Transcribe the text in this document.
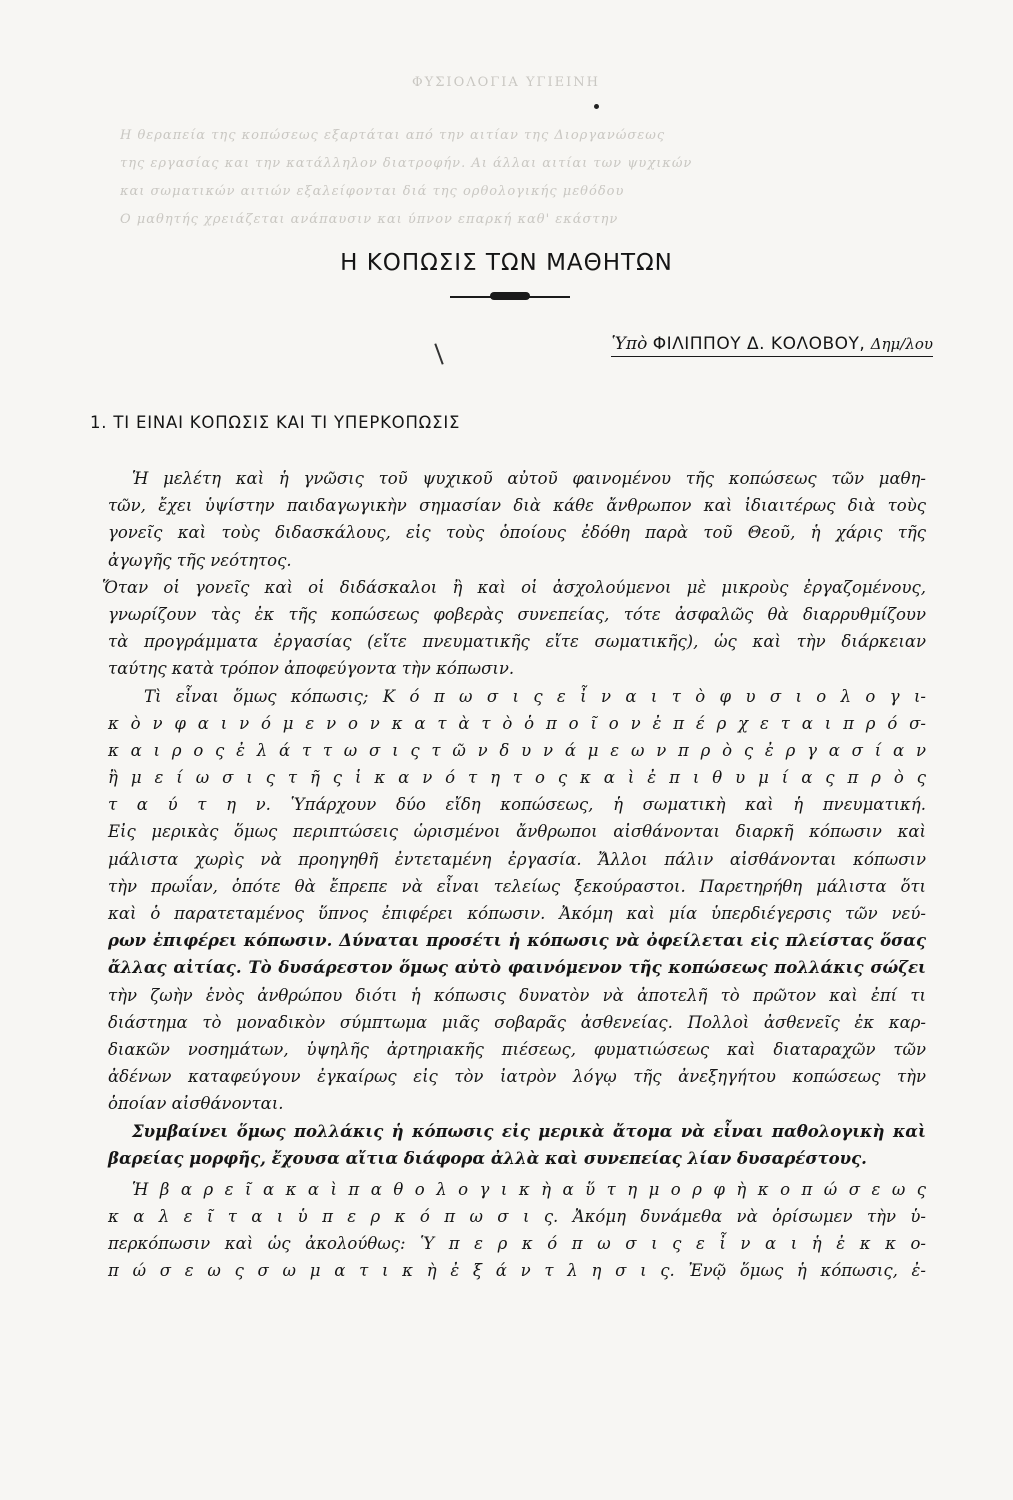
ΦΥΣΙΟΛΟΓΙΑ ΥΓΙΕΙΝΗ
Η θεραπεία της κοπώσεως εξαρτάται από την αιτίαν της Διοργανώσεως
της εργασίας και την κατάλληλον διατροφήν. Αι άλλαι αιτίαι των ψυχικών
και σωματικών αιτιών εξαλείφονται διά της ορθολογικής μεθόδου
Ο μαθητής χρειάζεται ανάπαυσιν και ύπνον επαρκή καθ' εκάστην
Η ΚΟΠΩΣΙΣ ΤΩΝ ΜΑΘΗΤΩΝ
Ὑπὸ ΦΙΛΙΠΠΟΥ Δ. ΚΟΛΟΒΟΥ, Δημ/λου
1. ΤΙ ΕΙΝΑΙ ΚΟΠΩΣΙΣ ΚΑΙ ΤΙ ΥΠΕΡΚΟΠΩΣΙΣ
Ἡ μελέτη καὶ ἡ γνῶσις τοῦ ψυχικοῦ αὐτοῦ φαινομένου τῆς κοπώσεως τῶν μαθη-
τῶν, ἔχει ὑψίστην παιδαγωγικὴν σημασίαν διὰ κάθε ἄνθρωπον καὶ ἰδιαιτέρως διὰ τοὺς
γονεῖς καὶ τοὺς διδασκάλους, εἰς τοὺς ὁποίους ἐδόθη παρὰ τοῦ Θεοῦ, ἡ χάρις τῆς
ἀγωγῆς τῆς νεότητος.
Ὅταν οἱ γονεῖς καὶ οἱ διδάσκαλοι ἢ καὶ οἱ ἀσχολούμενοι μὲ μικροὺς ἐργαζομένους,
γνωρίζουν τὰς ἐκ τῆς κοπώσεως φοβερὰς συνεπείας, τότε ἀσφαλῶς θὰ διαρρυθμίζουν
τὰ προγράμματα ἐργασίας (εἴτε πνευματικῆς εἴτε σωματικῆς), ὡς καὶ τὴν διάρκειαν
ταύτης κατὰ τρόπον ἀποφεύγοντα τὴν κόπωσιν.
Τὶ εἶναι ὅμως κόπωσις; Κ ό π ω σ ι ς ε ἶ ν α ι τ ὸ φ υ σ ι ο λ ο γ ι-
κ ὸ ν φ α ι ν ό μ ε ν ο ν κ α τ ὰ τ ὸ ὁ π ο ῖ ο ν ἐ π έ ρ χ ε τ α ι π ρ ό σ-
κ α ι ρ ο ς ἐ λ ά τ τ ω σ ι ς τ ῶ ν δ υ ν ά μ ε ω ν π ρ ὸ ς ἐ ρ γ α σ ί α ν
ἢ μ ε ί ω σ ι ς τ ῆ ς ἱ κ α ν ό τ η τ ο ς κ α ὶ ἐ π ι θ υ μ ί α ς π ρ ὸ ς
τ α ύ τ η ν. Ὑπάρχουν δύο εἴδη κοπώσεως, ἡ σωματικὴ καὶ ἡ πνευματική.
Εἰς μερικὰς ὅμως περιπτώσεις ὡρισμένοι ἄνθρωποι αἰσθάνονται διαρκῆ κόπωσιν καὶ
μάλιστα χωρὶς νὰ προηγηθῆ ἐντεταμένη ἐργασία. Ἄλλοι πάλιν αἰσθάνονται κόπωσιν
τὴν πρωΐαν, ὁπότε θὰ ἔπρεπε νὰ εἶναι τελείως ξεκούραστοι. Παρετηρήθη μάλιστα ὅτι
καὶ ὁ παρατεταμένος ὕπνος ἐπιφέρει κόπωσιν. Ἀκόμη καὶ μία ὑπερδιέγερσις τῶν νεύ-
ρων ἐπιφέρει κόπωσιν. Δύναται προσέτι ἡ κόπωσις νὰ ὀφείλεται εἰς πλείστας ὅσας
ἄλλας αἰτίας. Τὸ δυσάρεστον ὅμως αὐτὸ φαινόμενον τῆς κοπώσεως πολλάκις σώζει
τὴν ζωὴν ἑνὸς ἀνθρώπου διότι ἡ κόπωσις δυνατὸν νὰ ἀποτελῆ τὸ πρῶτον καὶ ἐπί τι
διάστημα τὸ μοναδικὸν σύμπτωμα μιᾶς σοβαρᾶς ἀσθενείας. Πολλοὶ ἀσθενεῖς ἐκ καρ-
διακῶν νοσημάτων, ὑψηλῆς ἀρτηριακῆς πιέσεως, φυματιώσεως καὶ διαταραχῶν τῶν
ἀδένων καταφεύγουν ἐγκαίρως εἰς τὸν ἰατρὸν λόγῳ τῆς ἀνεξηγήτου κοπώσεως τὴν
ὁποίαν αἰσθάνονται.
Συμβαίνει ὅμως πολλάκις ἡ κόπωσις εἰς μερικὰ ἄτομα νὰ εἶναι παθολογικὴ καὶ
βαρείας μορφῆς, ἔχουσα αἴτια διάφορα ἀλλὰ καὶ συνεπείας λίαν δυσαρέστους.
Ἡ β α ρ ε ῖ α κ α ὶ π α θ ο λ ο γ ι κ ὴ α ὕ τ η μ ο ρ φ ὴ κ ο π ώ σ ε ω ς
κ α λ ε ῖ τ α ι ὑ π ε ρ κ ό π ω σ ι ς. Ἀκόμη δυνάμεθα νὰ ὁρίσωμεν τὴν ὑ-
περκόπωσιν καὶ ὡς ἀκολούθως: Ὑ π ε ρ κ ό π ω σ ι ς ε ἶ ν α ι ἡ ἐ κ κ ο-
π ώ σ ε ω ς σ ω μ α τ ι κ ὴ ἐ ξ ά ν τ λ η σ ι ς. Ἐνῷ ὅμως ἡ κόπωσις, ἐ-
